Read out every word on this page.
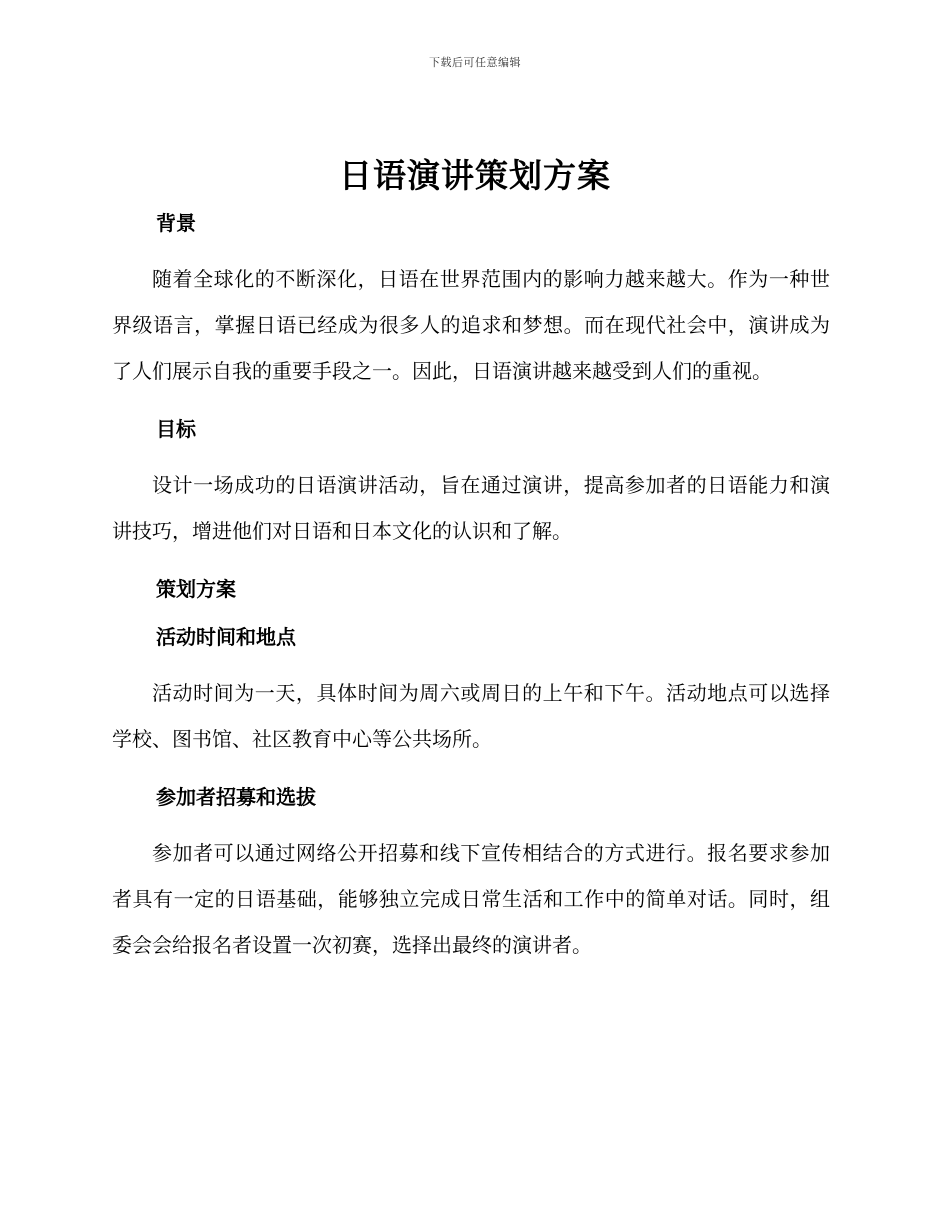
下载后可任意编辑
日语演讲策划方案
背景

随着全球化的不断深化，日语在世界范围内的影响力越来越大。作为一种世界级语言，掌握日语已经成为很多人的追求和梦想。而在现代社会中，演讲成为了人们展示自我的重要手段之一。因此，日语演讲越来越受到人们的重视。

目标

设计一场成功的日语演讲活动，旨在通过演讲，提高参加者的日语能力和演讲技巧，增进他们对日语和日本文化的认识和了解。

策划方案
活动时间和地点

活动时间为一天，具体时间为周六或周日的上午和下午。活动地点可以选择学校、图书馆、社区教育中心等公共场所。

参加者招募和选拔

参加者可以通过网络公开招募和线下宣传相结合的方式进行。报名要求参加者具有一定的日语基础，能够独立完成日常生活和工作中的简单对话。同时，组委会会给报名者设置一次初赛，选择出最终的演讲者。
